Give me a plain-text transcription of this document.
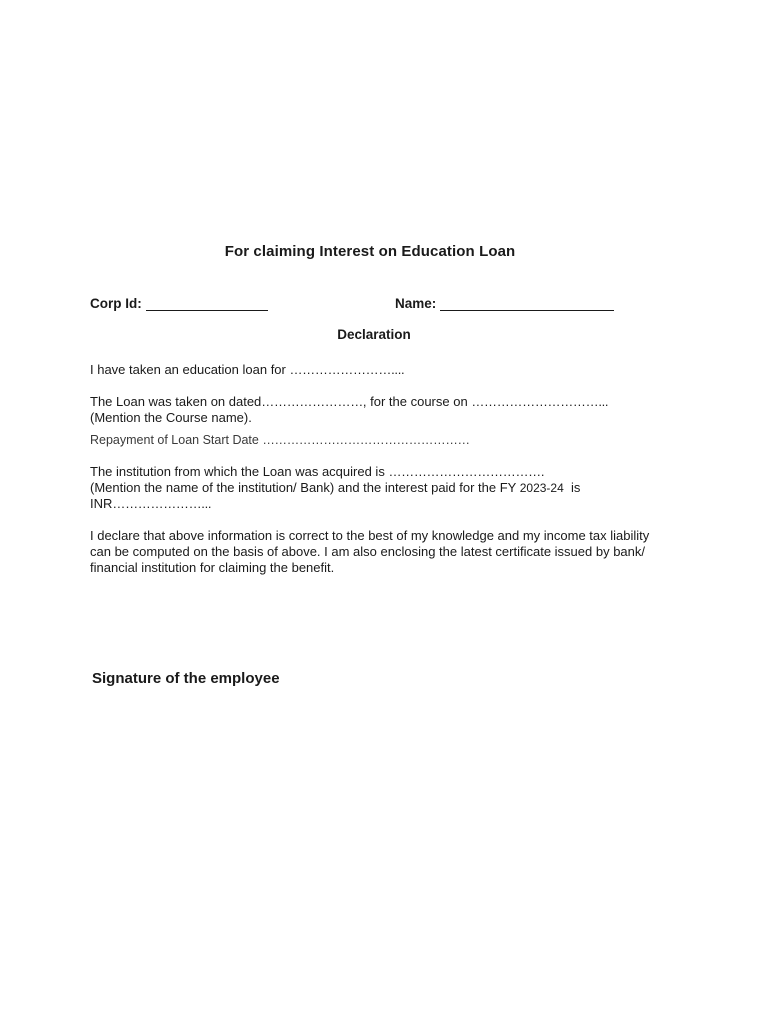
For claiming Interest on Education Loan
Corp Id:	Name:
Declaration
I have taken an education loan for ……………………....
The Loan was taken on dated……………………, for the course on …………………………...
(Mention the Course name).
Repayment of Loan Start Date ……………………………………………
The institution from which the Loan was acquired is ……………………………….
(Mention the name of the institution/ Bank) and the interest paid for the FY 2023-24  is
INR…………………...
I declare that above information is correct to the best of my knowledge and my income tax liability can be computed on the basis of above. I am also enclosing the latest certificate issued by bank/ financial institution for claiming the benefit.
Signature of the employee
